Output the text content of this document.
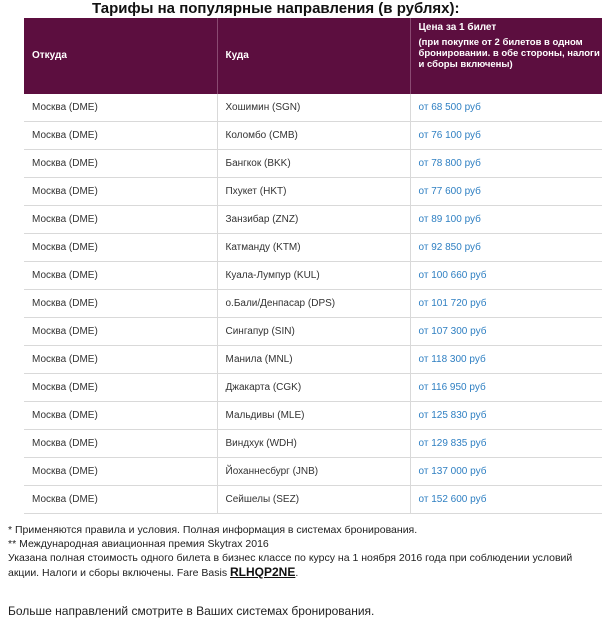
Тарифы на популярные направления (в рублях):
Откуда	Куда	Цена за 1 билет
(при покупке от 2 билетов в одном бронировании. в обе стороны, налоги и сборы включены)

Москва (DME)	Хошимин (SGN)	от 68 500 руб
Москва (DME)	Коломбо (CMB)	от 76 100 руб
Москва (DME)	Бангкок (BKK)	от 78 800 руб
Москва (DME)	Пхукет (HKT)	от 77 600 руб
Москва (DME)	Занзибар (ZNZ)	от 89 100 руб
Москва (DME)	Катманду (KTM)	от 92 850 руб
Москва (DME)	Куала-Лумпур (KUL)	от 100 660 руб
Москва (DME)	о.Бали/Денпасар (DPS)	от 101 720 руб
Москва (DME)	Сингапур (SIN)	от 107 300 руб
Москва (DME)	Манила (MNL)	от 118 300 руб
Москва (DME)	Джакарта (CGK)	от 116 950 руб
Москва (DME)	Мальдивы (MLE)	от 125 830 руб
Москва (DME)	Виндхук (WDH)	от 129 835 руб
Москва (DME)	Йоханнесбург (JNB)	от 137 000 руб
Москва (DME)	Сейшелы (SEZ)	от 152 600 руб

* Применяются правила и условия. Полная информация в системах бронирования.

** Международная авиационная премия Skytrax 2016

Указана полная стоимость одного билета в бизнес классе по курсу на 1 ноября 2016 года при соблюдении условий акции. Налоги и сборы включены. Fare Basis RLHQP2NE.

Больше направлений смотрите в Ваших системах бронирования.
